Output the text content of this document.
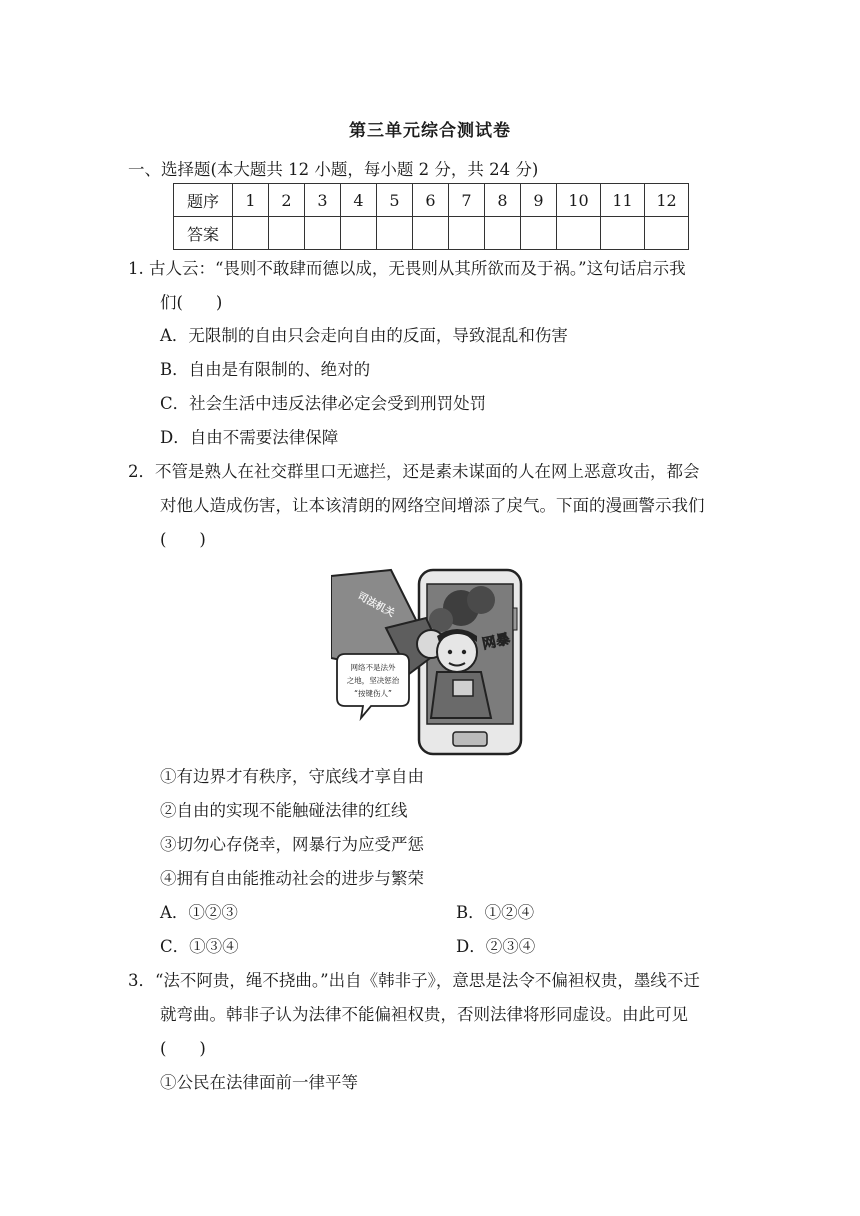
第三单元综合测试卷
一、选择题(本大题共 12 小题，每小题 2 分，共 24 分)
题序	1	2	3	4	5	6	7	8	9	10	11	12
答案												
1. 古人云：“畏则不敢肆而德以成，无畏则从其所欲而及于祸。”这句话启示我
们(　　)
A．无限制的自由只会走向自由的反面，导致混乱和伤害
B．自由是有限制的、绝对的
C．社会生活中违反法律必定会受到刑罚处罚
D．自由不需要法律保障
2．不管是熟人在社交群里口无遮拦，还是素未谋面的人在网上恶意攻击，都会
对他人造成伤害，让本该清朗的网络空间增添了戾气。下面的漫画警示我们
(　　)
网络不是法外
之地，坚决惩治
“按键伤人”
司法机关
网暴
①有边界才有秩序，守底线才享自由
②自由的实现不能触碰法律的红线
③切勿心存侥幸，网暴行为应受严惩
④拥有自由能推动社会的进步与繁荣
A．①②③	B．①②④
C．①③④	D．②③④
3．“法不阿贵，绳不挠曲。”出自《韩非子》，意思是法令不偏袒权贵，墨线不迁
就弯曲。韩非子认为法律不能偏袒权贵，否则法律将形同虚设。由此可见
(　　)
①公民在法律面前一律平等
